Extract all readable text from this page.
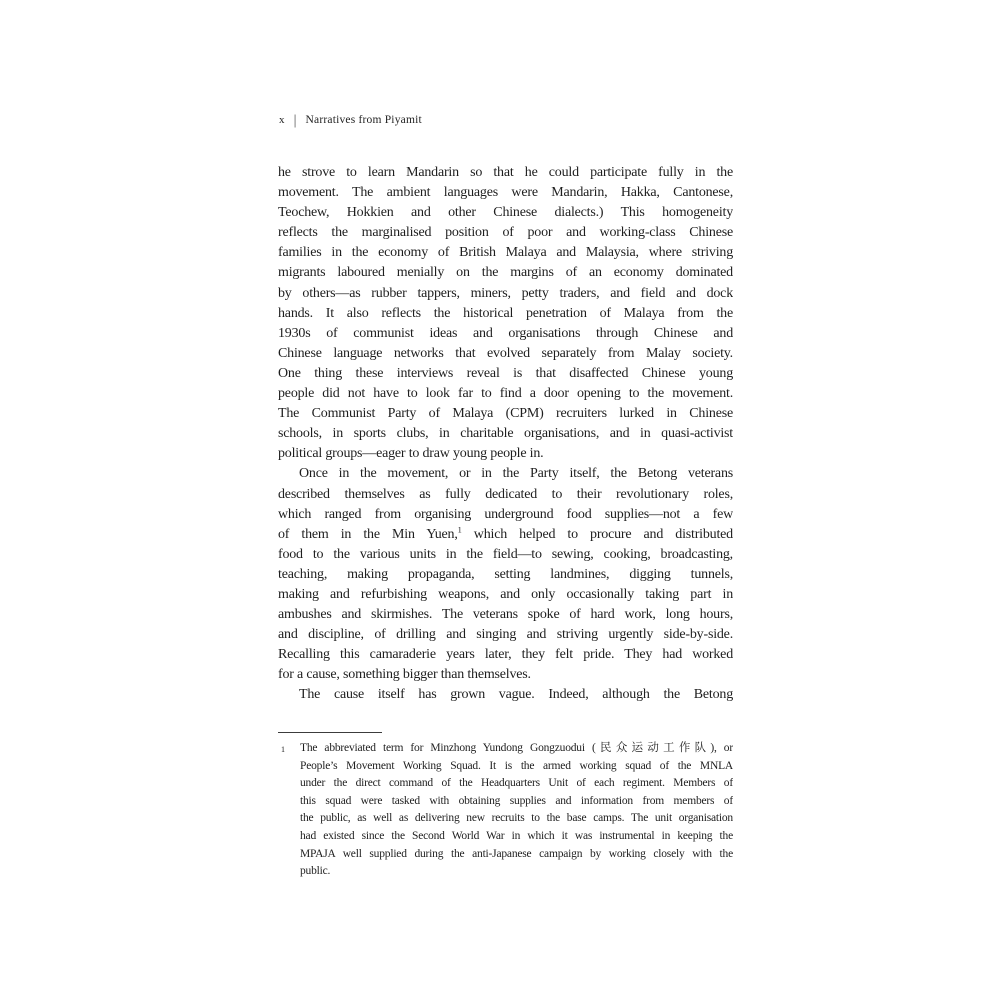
x | Narratives from Piyamit
he strove to learn Mandarin so that he could participate fully in the
movement. The ambient languages were Mandarin, Hakka, Cantonese,
Teochew, Hokkien and other Chinese dialects.) This homogeneity
reflects the marginalised position of poor and working-class Chinese
families in the economy of British Malaya and Malaysia, where striving
migrants laboured menially on the margins of an economy dominated
by others—as rubber tappers, miners, petty traders, and field and dock
hands. It also reflects the historical penetration of Malaya from the
1930s of communist ideas and organisations through Chinese and
Chinese language networks that evolved separately from Malay society.
One thing these interviews reveal is that disaffected Chinese young
people did not have to look far to find a door opening to the movement.
The Communist Party of Malaya (CPM) recruiters lurked in Chinese
schools, in sports clubs, in charitable organisations, and in quasi-activist
political groups—eager to draw young people in.
Once in the movement, or in the Party itself, the Betong veterans
described themselves as fully dedicated to their revolutionary roles,
which ranged from organising underground food supplies—not a few
of them in the Min Yuen,$^1$ which helped to procure and distributed
food to the various units in the field—to sewing, cooking, broadcasting,
teaching, making propaganda, setting landmines, digging tunnels,
making and refurbishing weapons, and only occasionally taking part in
ambushes and skirmishes. The veterans spoke of hard work, long hours,
and discipline, of drilling and singing and striving urgently side-by-side.
Recalling this camaraderie years later, they felt pride. They had worked
for a cause, something bigger than themselves.
The cause itself has grown vague. Indeed, although the Betong
1 The abbreviated term for Minzhong Yundong Gongzuodui (民众运动工作队), or
People’s Movement Working Squad. It is the armed working squad of the MNLA
under the direct command of the Headquarters Unit of each regiment. Members of
this squad were tasked with obtaining supplies and information from members of
the public, as well as delivering new recruits to the base camps. The unit organisation
had existed since the Second World War in which it was instrumental in keeping the
MPAJA well supplied during the anti-Japanese campaign by working closely with the
public.
